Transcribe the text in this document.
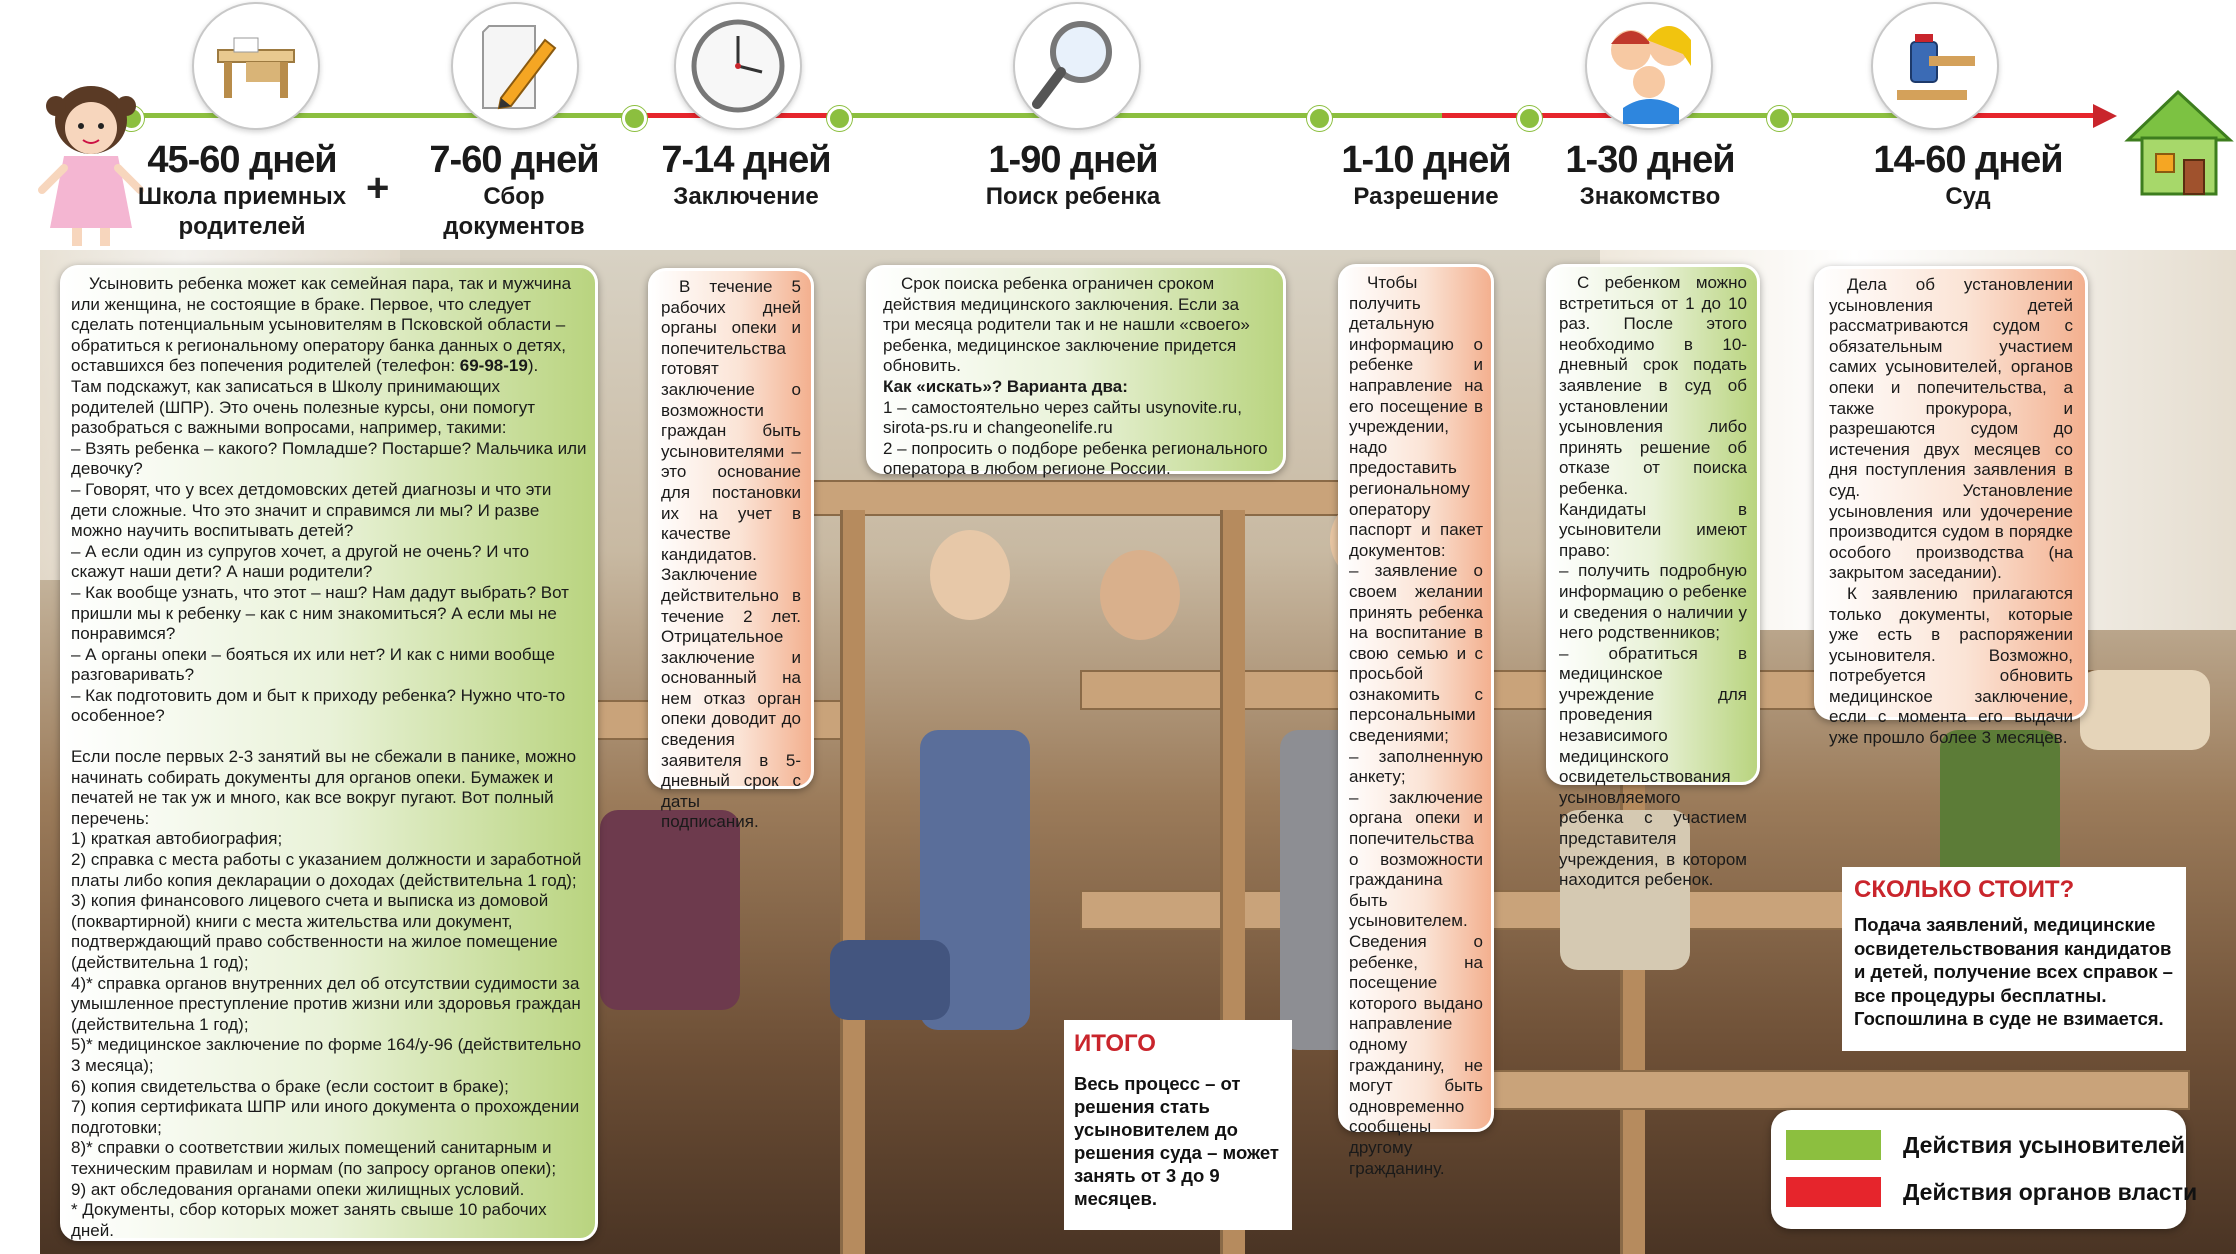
45-60 дней
Школа приемных родителей
+
7-60 дней
Сбор документов
7-14 дней
Заключение
1-90 дней
Поиск ребенка
1-10 дней
Разрешение
1-30 дней
Знакомство
14-60 дней
Суд

Усыновить ребенка может как семейная пара, так и мужчина или женщина, не состоящие в браке. Первое, что следует сделать потенциальным усыновителям в Псковской области – обратиться к региональному оператору банка данных о детях, оставшихся без попечения родителей (телефон: 69-98-19).

Там подскажут, как записаться в Школу принимающих родителей (ШПР). Это очень полезные курсы, они помогут разобраться с важными вопросами, например, такими:

– Взять ребенка – какого? Помладше? Постарше? Мальчика или девочку?

– Говорят, что у всех детдомовских детей диагнозы и что эти дети сложные. Что это значит и справимся ли мы? И разве можно научить воспитывать детей?

– А если один из супругов хочет, а другой не очень? И что скажут наши дети? А наши родители?

– Как вообще узнать, что этот – наш? Нам дадут выбрать? Вот пришли мы к ребенку – как с ним знакомиться? А если мы не понравимся?

– А органы опеки – бояться их или нет? И как с ними вообще разговаривать?

– Как подготовить дом и быт к приходу ребенка? Нужно что-то особенное?

Если после первых 2-3 занятий вы не сбежали в панике, можно начинать собирать документы для органов опеки. Бумажек и печатей не так уж и много, как все вокруг пугают. Вот полный перечень:

1) краткая автобиография;

2) справка с места работы с указанием должности и заработной платы либо копия декларации о доходах (действительна 1 год);

3) копия финансового лицевого счета и выписка из домовой (поквартирной) книги с места жительства или документ, подтверждающий право собственности на жилое помещение (действительна 1 год);

4)* справка органов внутренних дел об отсутствии судимости за умышленное преступление против жизни или здоровья граждан (действительна 1 год);

5)* медицинское заключение по форме 164/у-96 (действительно 3 месяца);

6) копия свидетельства о браке (если состоит в браке);

7) копия сертификата ШПР или иного документа о прохождении подготовки;

8)* справки о соответствии жилых помещений санитарным и техническим правилам и нормам (по запросу органов опеки);

9) акт обследования органами опеки жилищных условий.

* Документы, сбор которых может занять свыше 10 рабочих дней.

В течение 5 рабочих дней органы опеки и попечительства готовят заключение о возможности граждан быть усыновителями – это основание для постановки их на учет в качестве кандидатов. Заключение действительно в течение 2 лет. Отрицательное заключение и основанный на нем отказ орган опеки доводит до сведения заявителя в 5-дневный срок с даты подписания.

Срок поиска ребенка ограничен сроком действия медицинского заключения. Если за три месяца родители так и не нашли «своего» ребенка, медицинское заключение придется обновить.

Как «искать»? Варианта два:

1 – самостоятельно через сайты usynovite.ru, sirota-ps.ru и changeonelife.ru

2 – попросить о подборе ребенка регионального оператора в любом регионе России.

Чтобы получить детальную информацию о ребенке и направление на его посещение в учреждении, надо предоставить региональному оператору паспорт и пакет документов:

– заявление о своем желании принять ребенка на воспитание в свою семью и с просьбой ознакомить с персональными сведениями;

– заполненную анкету;

– заключение органа опеки и попечительства о возможности гражданина быть усыновителем.

Сведения о ребенке, на посещение которого выдано направление одному гражданину, не могут быть одновременно сообщены другому гражданину.

С ребенком можно встретиться от 1 до 10 раз. После этого необходимо в 10-дневный срок подать заявление в суд об установлении усыновления либо принять решение об отказе от поиска ребенка.

Кандидаты в усыновители имеют право:

– получить подробную информацию о ребенке и сведения о наличии у него родственников;

– обратиться в медицинское учреждение для проведения независимого медицинского освидетельствования усыновляемого ребенка с участием представителя учреждения, в котором находится ребенок.

Дела об установлении усыновления детей рассматриваются судом с обязательным участием самих усыновителей, органов опеки и попечительства, а также прокурора, и разрешаются судом до истечения двух месяцев со дня поступления заявления в суд. Установление усыновления или удочерение производится судом в порядке особого производства (на закрытом заседании).

К заявлению прилагаются только документы, которые уже есть в распоряжении усыновителя. Возможно, потребуется обновить медицинское заключение, если с момента его выдачи уже прошло более 3 месяцев.

ИТОГО
Весь процесс – от решения стать усыновителем до решения суда – может занять от 3 до 9 месяцев.
СКОЛЬКО СТОИТ?
Подача заявлений, медицинские освидетельствования кандидатов и детей, получение всех справок – все процедуры бесплатны. Госпошлина в суде не взимается.
Действия усыновителей
Действия органов власти
